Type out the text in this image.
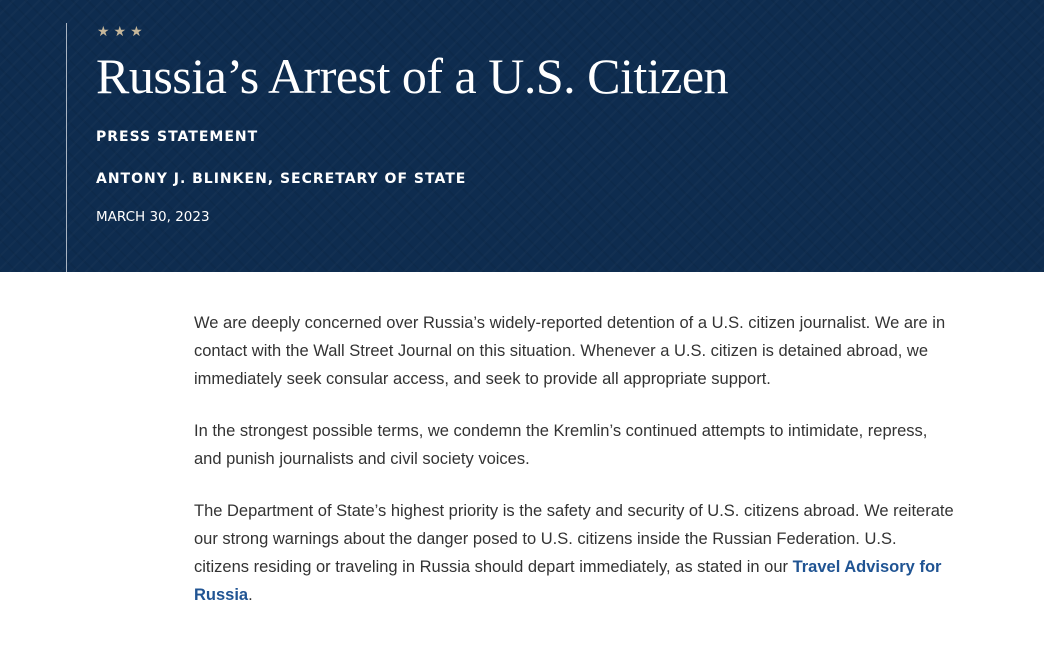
★★★
Russia’s Arrest of a U.S. Citizen
PRESS STATEMENT
ANTONY J. BLINKEN, SECRETARY OF STATE
MARCH 30, 2023

We are deeply concerned over Russia’s widely-reported detention of a U.S. citizen journalist. We are in contact with the Wall Street Journal on this situation. Whenever a U.S. citizen is detained abroad, we immediately seek consular access, and seek to provide all appropriate support.

In the strongest possible terms, we condemn the Kremlin’s continued attempts to intimidate, repress, and punish journalists and civil society voices.

The Department of State’s highest priority is the safety and security of U.S. citizens abroad. We reiterate our strong warnings about the danger posed to U.S. citizens inside the Russian Federation. U.S. citizens residing or traveling in Russia should depart immediately, as stated in our Travel Advisory for Russia.
